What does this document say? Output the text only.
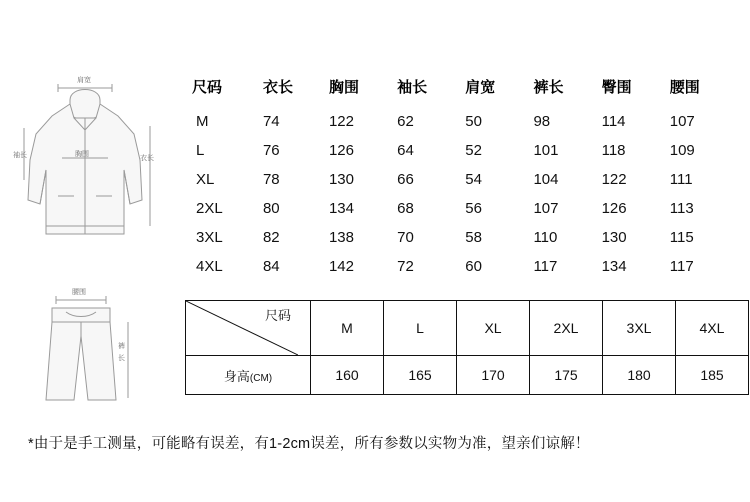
肩宽
袖长	胸围	衣长
腰围
裤
长
尺码	衣长	胸围	袖长	肩宽	裤长	臀围	腰围
M	74	122	62	50	98	114	107
L	76	126	64	52	101	118	109
XL	78	130	66	54	104	122	111
2XL	80	134	68	56	107	126	113
3XL	82	138	70	58	110	130	115
4XL	84	142	72	60	117	134	117
尺码	M	L	XL	2XL	3XL	4XL
身高(CM)	160	165	170	175	180	185
*由于是手工测量，可能略有误差，有1-2cm误差，所有参数以实物为准，望亲们谅解！
